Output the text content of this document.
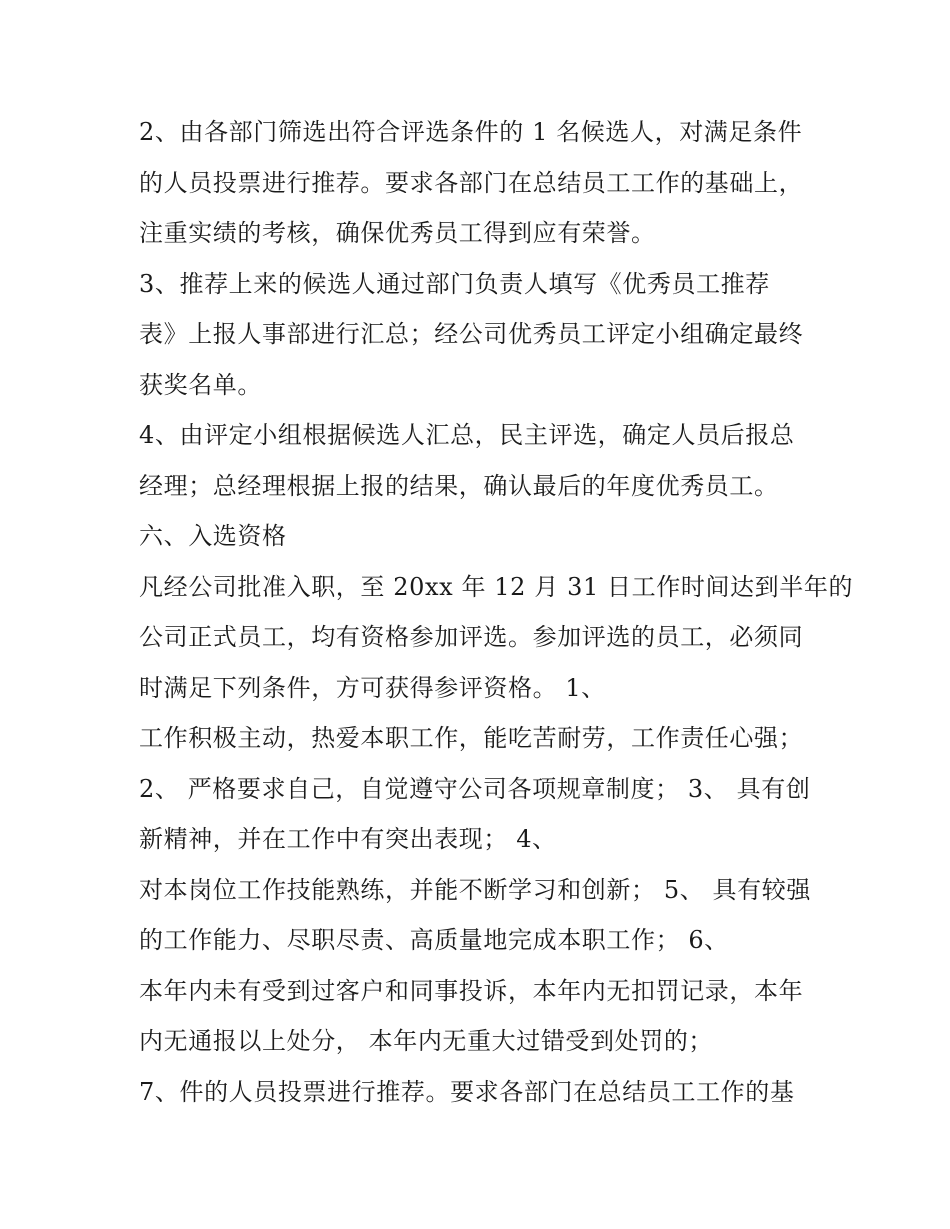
2、由各部门筛选出符合评选条件的 1 名候选人，对满足条件
的人员投票进行推荐。要求各部门在总结员工工作的基础上，
注重实绩的考核，确保优秀员工得到应有荣誉。
3、推荐上来的候选人通过部门负责人填写《优秀员工推荐
表》上报人事部进行汇总；经公司优秀员工评定小组确定最终
获奖名单。
4、由评定小组根据候选人汇总，民主评选，确定人员后报总
经理；总经理根据上报的结果，确认最后的年度优秀员工。
六、入选资格
凡经公司批准入职，至 20xx 年 12 月 31 日工作时间达到半年的
公司正式员工，均有资格参加评选。参加评选的员工，必须同
时满足下列条件，方可获得参评资格。 1、
工作积极主动，热爱本职工作，能吃苦耐劳，工作责任心强；
2、 严格要求自己，自觉遵守公司各项规章制度； 3、 具有创
新精神，并在工作中有突出表现； 4、
对本岗位工作技能熟练，并能不断学习和创新； 5、 具有较强
的工作能力、尽职尽责、高质量地完成本职工作； 6、
本年内未有受到过客户和同事投诉，本年内无扣罚记录，本年
内无通报以上处分， 本年内无重大过错受到处罚的；
7、件的人员投票进行推荐。要求各部门在总结员工工作的基
